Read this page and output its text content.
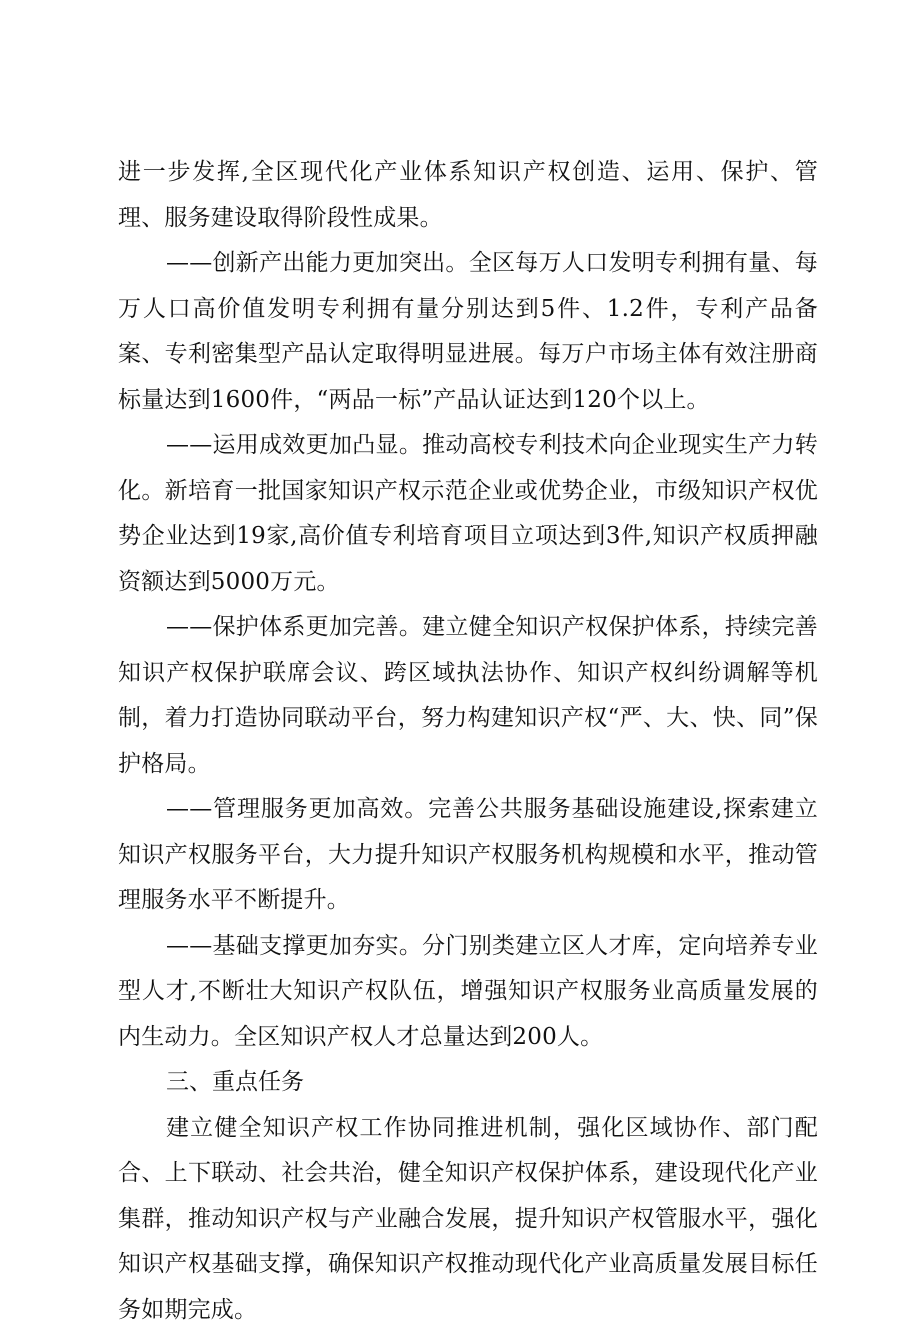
进一步发挥,全区现代化产业体系知识产权创造、运用、保护、管理、服务建设取得阶段性成果。

——创新产出能力更加突出。全区每万人口发明专利拥有量、每万人口高价值发明专利拥有量分别达到5件、1.2件，专利产品备案、专利密集型产品认定取得明显进展。每万户市场主体有效注册商标量达到1600件，“两品一标”产品认证达到120个以上。

——运用成效更加凸显。推动高校专利技术向企业现实生产力转化。新培育一批国家知识产权示范企业或优势企业，市级知识产权优势企业达到19家,高价值专利培育项目立项达到3件,知识产权质押融资额达到5000万元。

——保护体系更加完善。建立健全知识产权保护体系，持续完善知识产权保护联席会议、跨区域执法协作、知识产权纠纷调解等机制，着力打造协同联动平台，努力构建知识产权“严、大、快、同”保护格局。

——管理服务更加高效。完善公共服务基础设施建设,探索建立知识产权服务平台，大力提升知识产权服务机构规模和水平，推动管理服务水平不断提升。

——基础支撑更加夯实。分门别类建立区人才库，定向培养专业型人才,不断壮大知识产权队伍，增强知识产权服务业高质量发展的内生动力。全区知识产权人才总量达到200人。

三、重点任务

建立健全知识产权工作协同推进机制，强化区域协作、部门配合、上下联动、社会共治，健全知识产权保护体系，建设现代化产业集群，推动知识产权与产业融合发展，提升知识产权管服水平，强化知识产权基础支撑，确保知识产权推动现代化产业高质量发展目标任务如期完成。
